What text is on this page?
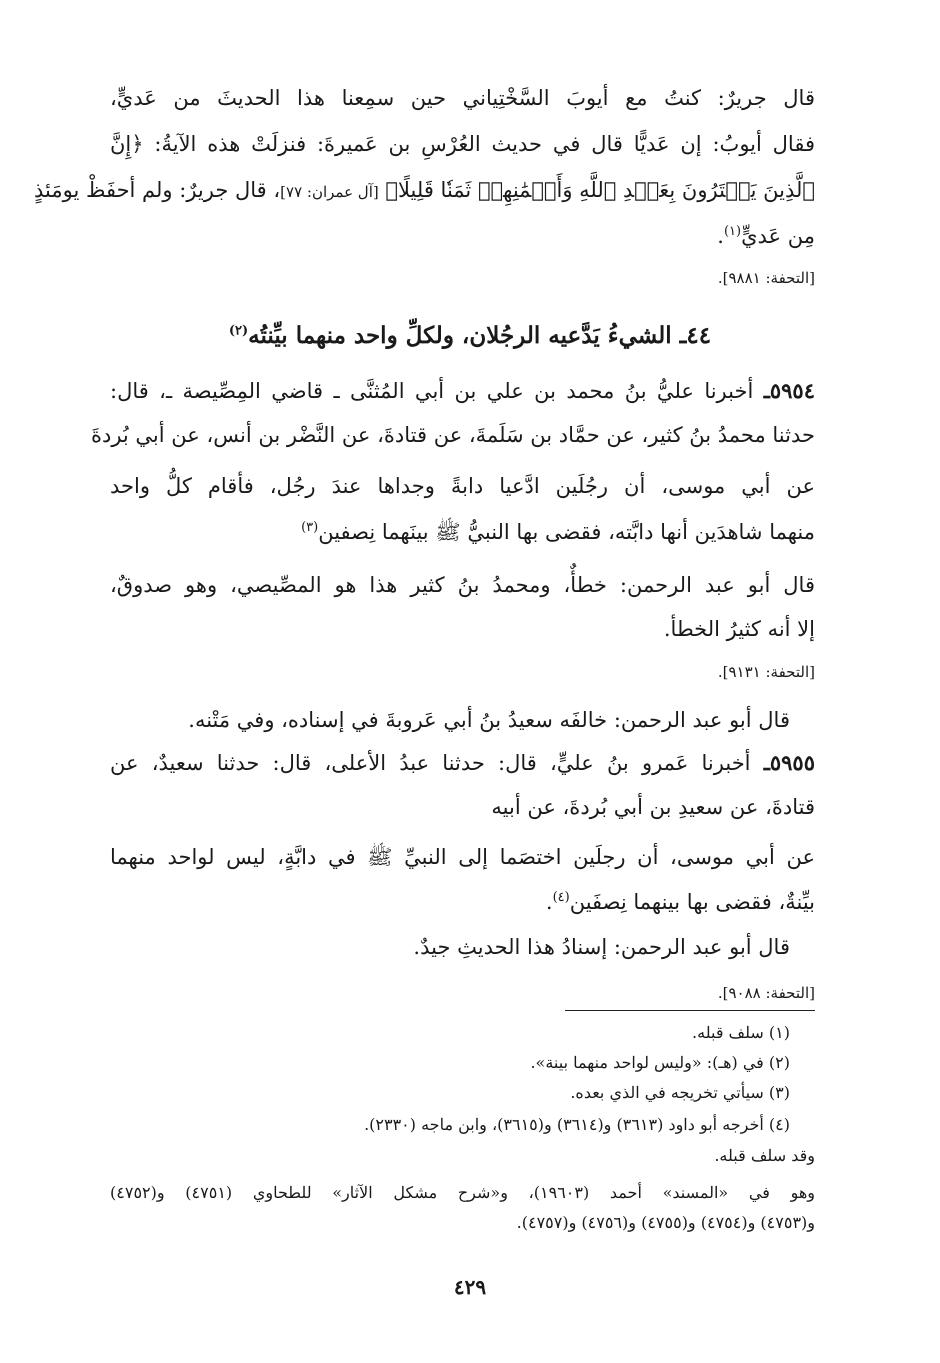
قال جريرٌ: كنتُ مع أيوبَ السَّخْتِياني حين سمِعنا هذا الحديثَ من عَديٍّ،
فقال أيوبُ: إن عَديًّا قال في حديث العُرْسِ بن عَميرةَ: فنزلَتْ هذه الآيةُ: ﴿إِنَّ
ٱلَّذِينَ يَشۡتَرُونَ بِعَهۡدِ ٱللَّهِ وَأَيۡمَٰنِهِمۡ ثَمَنٗا قَلِيلًا﴾ [آل عمران: ٧٧]، قال جريرٌ: ولم أحفَظْ يومَئذٍ
مِن عَديٍّ$^{(١)}$.
[التحفة: ٩٨٨١].
٤٤ـ الشيءُ يَدَّعيه الرجُلان، ولكلِّ واحد منهما بيِّنتُه$^{(٢)}$
٥٩٥٤ـ أخبرنا عليُّ بنُ محمد بن علي بن أبي المُثنَّى ـ قاضي المِصِّيصة ـ، قال:
حدثنا محمدُ بنُ كثير، عن حمَّاد بن سَلَمةَ، عن قتادةَ، عن النَّضْر بن أنس، عن أبي بُردةَ
عن أبي موسى، أن رجُلَين ادَّعيا دابةً وجداها عندَ رجُل، فأقام كلُّ واحد
منهما شاهدَين أنها دابَّته، فقضى بها النبيُّ ﷺ بينَهما نِصفين$^{(٣)}$
قال أبو عبد الرحمن: خطأٌ، ومحمدُ بنُ كثير هذا هو المصِّيصي، وهو صدوقٌ،
إلا أنه كثيرُ الخطأ.
[التحفة: ٩١٣١].
قال أبو عبد الرحمن: خالفَه سعيدُ بنُ أبي عَروبةَ في إسناده، وفي مَتْنه.
٥٩٥٥ـ أخبرنا عَمرو بنُ عليٍّ، قال: حدثنا عبدُ الأعلى، قال: حدثنا سعيدٌ، عن
قتادةَ، عن سعيدِ بن أبي بُردةَ، عن أبيه
عن أبي موسى، أن رجلَين اختصَما إلى النبيِّ ﷺ في دابَّةٍ، ليس لواحد منهما
بيِّنةٌ، فقضى بها بينهما نِصفَين$^{(٤)}$.
قال أبو عبد الرحمن: إسنادُ هذا الحديثِ جيدٌ.
[التحفة: ٩٠٨٨].
(١) سلف قبله.
(٢) في (هـ): «وليس لواحد منهما بينة».
(٣) سيأتي تخريجه في الذي بعده.
(٤) أخرجه أبو داود (٣٦١٣) و(٣٦١٤) و(٣٦١٥)، وابن ماجه (٢٣٣٠).
وقد سلف قبله.
وهو في «المسند» أحمد (١٩٦٠٣)، و«شرح مشكل الآثار» للطحاوي (٤٧٥١) و(٤٧٥٢)
و(٤٧٥٣) و(٤٧٥٤) و(٤٧٥٥) و(٤٧٥٦) و(٤٧٥٧).
٤٢٩
